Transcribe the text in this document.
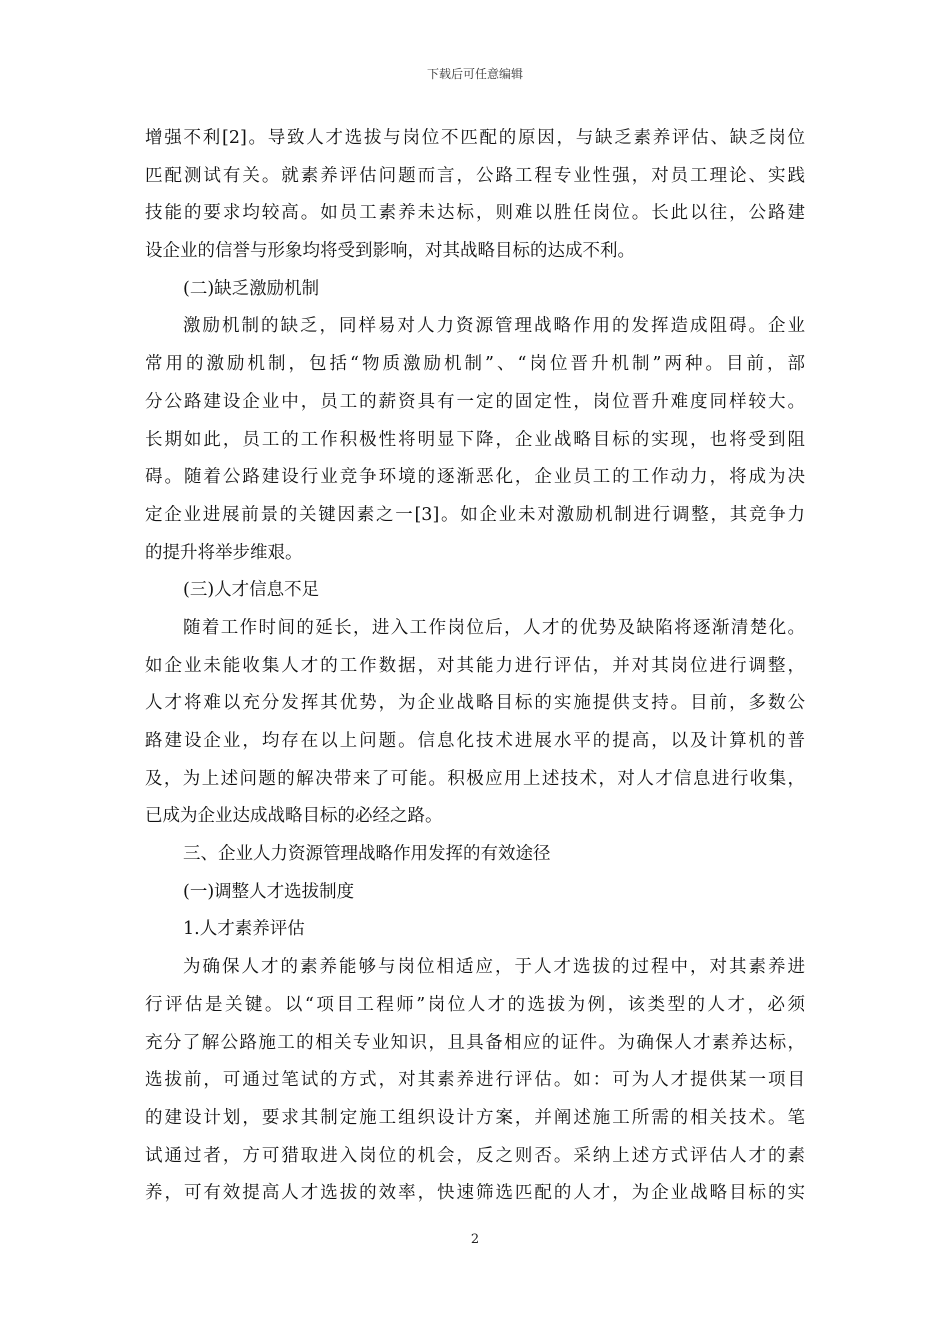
下载后可任意编辑
增强不利[2]。导致人才选拔与岗位不匹配的原因，与缺乏素养评估、缺乏岗位
匹配测试有关。就素养评估问题而言，公路工程专业性强，对员工理论、实践
技能的要求均较高。如员工素养未达标，则难以胜任岗位。长此以往，公路建
设企业的信誉与形象均将受到影响，对其战略目标的达成不利。
(二)缺乏激励机制
激励机制的缺乏，同样易对人力资源管理战略作用的发挥造成阻碍。企业
常用的激励机制，包括“物质激励机制”、“岗位晋升机制”两种。目前，部
分公路建设企业中，员工的薪资具有一定的固定性，岗位晋升难度同样较大。
长期如此，员工的工作积极性将明显下降，企业战略目标的实现，也将受到阻
碍。随着公路建设行业竞争环境的逐渐恶化，企业员工的工作动力，将成为决
定企业进展前景的关键因素之一[3]。如企业未对激励机制进行调整，其竞争力
的提升将举步维艰。
(三)人才信息不足
随着工作时间的延长，进入工作岗位后，人才的优势及缺陷将逐渐清楚化。
如企业未能收集人才的工作数据，对其能力进行评估，并对其岗位进行调整，
人才将难以充分发挥其优势，为企业战略目标的实施提供支持。目前，多数公
路建设企业，均存在以上问题。信息化技术进展水平的提高，以及计算机的普
及，为上述问题的解决带来了可能。积极应用上述技术，对人才信息进行收集，
已成为企业达成战略目标的必经之路。
三、企业人力资源管理战略作用发挥的有效途径
(一)调整人才选拔制度
1.人才素养评估
为确保人才的素养能够与岗位相适应，于人才选拔的过程中，对其素养进
行评估是关键。以“项目工程师”岗位人才的选拔为例，该类型的人才，必须
充分了解公路施工的相关专业知识，且具备相应的证件。为确保人才素养达标，
选拔前，可通过笔试的方式，对其素养进行评估。如：可为人才提供某一项目
的建设计划，要求其制定施工组织设计方案，并阐述施工所需的相关技术。笔
试通过者，方可猎取进入岗位的机会，反之则否。采纳上述方式评估人才的素
养，可有效提高人才选拔的效率，快速筛选匹配的人才，为企业战略目标的实
2
